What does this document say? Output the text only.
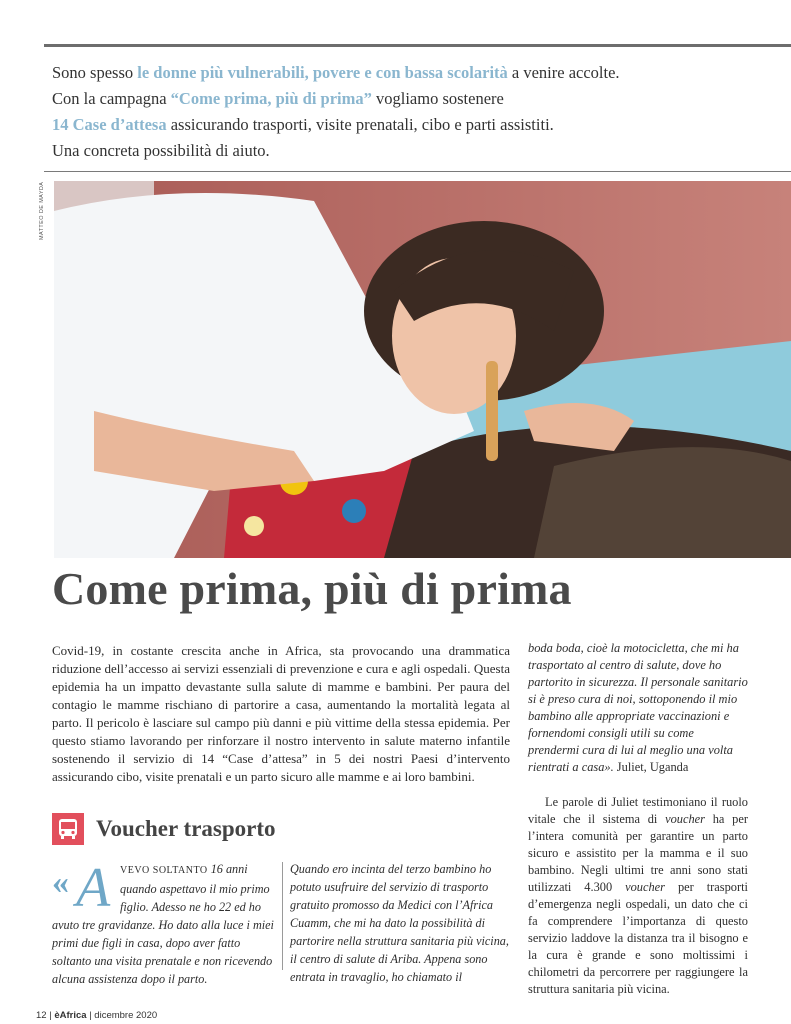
Sono spesso le donne più vulnerabili, povere e con bassa scolarità a venire accolte.

Con la campagna “Come prima, più di prima” vogliamo sostenere

14 Case d’attesa assicurando trasporti, visite prenatali, cibo e parti assistiti.

Una concreta possibilità di aiuto.

MATTEO DE MAYDA
Come prima, più di prima
Covid-19, in costante crescita anche in Africa, sta provocando una drammatica riduzione dell’accesso ai servizi essenziali di prevenzione e cura e agli ospedali. Questa epidemia ha un impatto devastante sulla salute di mamme e bambini. Per paura del contagio le mamme rischiano di partorire a casa, aumentando la mortalità legata al parto. Il pericolo è lasciare sul campo più danni e più vittime della stessa epidemia. Per questo stiamo lavorando per rinforzare il nostro intervento in salute materno infantile sostenendo il servizio di 14 “Case d’attesa” in 5 dei nostri Paesi d’intervento assicurando cibo, visite prenatali e un parto sicuro alle mamme e ai loro bambini.

boda boda, cioè la motocicletta, che mi ha trasportato al centro di salute, dove ho partorito in sicurezza. Il personale sanitario si è preso cura di noi, sottoponendo il mio bambino alle appropriate vaccinazioni e fornendomi consigli utili su come prendermi cura di lui al meglio una volta rientrati a casa». Juliet, Uganda

Le parole di Juliet testimoniano il ruolo vitale che il sistema di voucher ha per l’intera comunità per garantire un parto sicuro e assistito per la mamma e il suo bambino. Negli ultimi tre anni sono stati utilizzati 4.300 voucher per trasporti d’emergenza negli ospedali, un dato che ci fa comprendere l’importanza di questo servizio laddove la distanza tra il bisogno e la cura è grande e sono moltissimi i chilometri da percorrere per raggiungere la struttura sanitaria più vicina.

Voucher trasporto
« A VEVO SOLTANTO 16 anni quando aspettavo il mio primo figlio. Adesso ne ho 22 ed ho avuto tre gravidanze. Ho dato alla luce i miei primi due figli in casa, dopo aver fatto soltanto una visita prenatale e non ricevendo alcuna assistenza dopo il parto.
Quando ero incinta del terzo bambino ho potuto usufruire del servizio di trasporto gratuito promosso da Medici con l’Africa Cuamm, che mi ha dato la possibilità di partorire nella struttura sanitaria più vicina, il centro di salute di Ariba. Appena sono entrata in travaglio, ho chiamato il
12 | èAfrica | dicembre 2020
